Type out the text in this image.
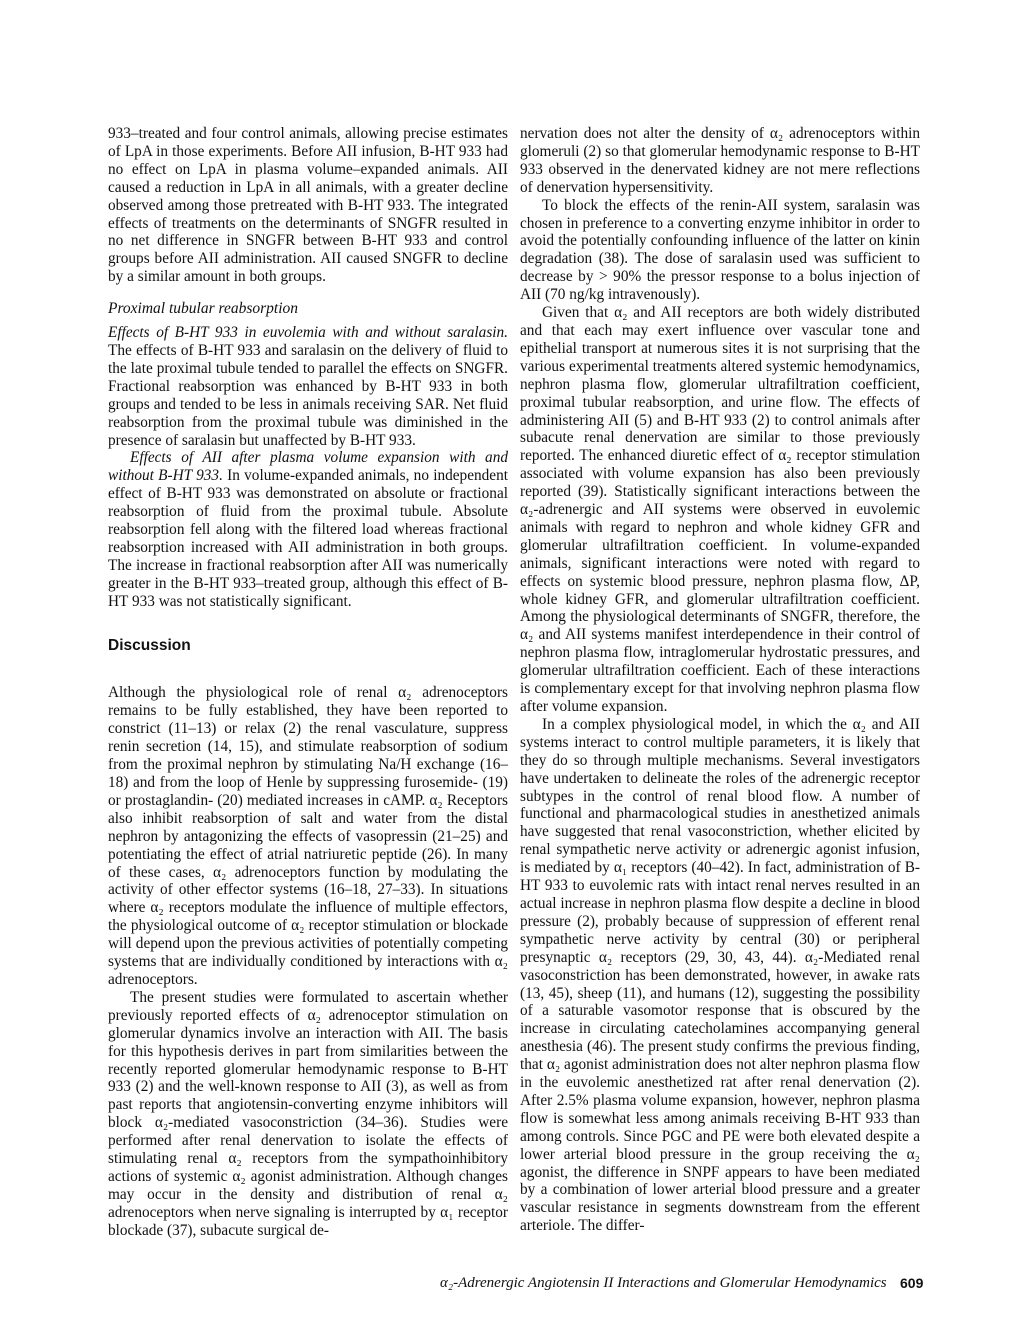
933–treated and four control animals, allowing precise estimates of LpA in those experiments. Before AII infusion, B-HT 933 had no effect on LpA in plasma volume–expanded animals. AII caused a reduction in LpA in all animals, with a greater decline observed among those pretreated with B-HT 933. The integrated effects of treatments on the determinants of SNGFR resulted in no net difference in SNGFR between B-HT 933 and control groups before AII administration. AII caused SNGFR to decline by a similar amount in both groups.

Proximal tubular reabsorption

Effects of B-HT 933 in euvolemia with and without saralasin. The effects of B-HT 933 and saralasin on the delivery of fluid to the late proximal tubule tended to parallel the effects on SNGFR. Fractional reabsorption was enhanced by B-HT 933 in both groups and tended to be less in animals receiving SAR. Net fluid reabsorption from the proximal tubule was diminished in the presence of saralasin but unaffected by B-HT 933.

Effects of AII after plasma volume expansion with and without B-HT 933. In volume-expanded animals, no independent effect of B-HT 933 was demonstrated on absolute or fractional reabsorption of fluid from the proximal tubule. Absolute reabsorption fell along with the filtered load whereas fractional reabsorption increased with AII administration in both groups. The increase in fractional reabsorption after AII was numerically greater in the B-HT 933–treated group, although this effect of B-HT 933 was not statistically significant.

Discussion

Although the physiological role of renal α₂ adrenoceptors remains to be fully established, they have been reported to constrict (11–13) or relax (2) the renal vasculature, suppress renin secretion (14, 15), and stimulate reabsorption of sodium from the proximal nephron by stimulating Na/H exchange (16–18) and from the loop of Henle by suppressing furosemide- (19) or prostaglandin- (20) mediated increases in cAMP. α₂ Receptors also inhibit reabsorption of salt and water from the distal nephron by antagonizing the effects of vasopressin (21–25) and potentiating the effect of atrial natriuretic peptide (26). In many of these cases, α₂ adrenoceptors function by modulating the activity of other effector systems (16–18, 27–33). In situations where α₂ receptors modulate the influence of multiple effectors, the physiological outcome of α₂ receptor stimulation or blockade will depend upon the previous activities of potentially competing systems that are individually conditioned by interactions with α₂ adrenoceptors.

The present studies were formulated to ascertain whether previously reported effects of α₂ adrenoceptor stimulation on glomerular dynamics involve an interaction with AII. The basis for this hypothesis derives in part from similarities between the recently reported glomerular hemodynamic response to B-HT 933 (2) and the well-known response to AII (3), as well as from past reports that angiotensin-converting enzyme inhibitors will block α₂-mediated vasoconstriction (34–36). Studies were performed after renal denervation to isolate the effects of stimulating renal α₂ receptors from the sympathoinhibitory actions of systemic α₂ agonist administration. Although changes may occur in the density and distribution of renal α₂ adrenoceptors when nerve signaling is interrupted by α₁ receptor blockade (37), subacute surgical de-

nervation does not alter the density of α₂ adrenoceptors within glomeruli (2) so that glomerular hemodynamic response to B-HT 933 observed in the denervated kidney are not mere reflections of denervation hypersensitivity.

To block the effects of the renin-AII system, saralasin was chosen in preference to a converting enzyme inhibitor in order to avoid the potentially confounding influence of the latter on kinin degradation (38). The dose of saralasin used was sufficient to decrease by > 90% the pressor response to a bolus injection of AII (70 ng/kg intravenously).

Given that α₂ and AII receptors are both widely distributed and that each may exert influence over vascular tone and epithelial transport at numerous sites it is not surprising that the various experimental treatments altered systemic hemodynamics, nephron plasma flow, glomerular ultrafiltration coefficient, proximal tubular reabsorption, and urine flow. The effects of administering AII (5) and B-HT 933 (2) to control animals after subacute renal denervation are similar to those previously reported. The enhanced diuretic effect of α₂ receptor stimulation associated with volume expansion has also been previously reported (39). Statistically significant interactions between the α₂-adrenergic and AII systems were observed in euvolemic animals with regard to nephron and whole kidney GFR and glomerular ultrafiltration coefficient. In volume-expanded animals, significant interactions were noted with regard to effects on systemic blood pressure, nephron plasma flow, ΔP, whole kidney GFR, and glomerular ultrafiltration coefficient. Among the physiological determinants of SNGFR, therefore, the α₂ and AII systems manifest interdependence in their control of nephron plasma flow, intraglomerular hydrostatic pressures, and glomerular ultrafiltration coefficient. Each of these interactions is complementary except for that involving nephron plasma flow after volume expansion.

In a complex physiological model, in which the α₂ and AII systems interact to control multiple parameters, it is likely that they do so through multiple mechanisms. Several investigators have undertaken to delineate the roles of the adrenergic receptor subtypes in the control of renal blood flow. A number of functional and pharmacological studies in anesthetized animals have suggested that renal vasoconstriction, whether elicited by renal sympathetic nerve activity or adrenergic agonist infusion, is mediated by α₁ receptors (40–42). In fact, administration of B-HT 933 to euvolemic rats with intact renal nerves resulted in an actual increase in nephron plasma flow despite a decline in blood pressure (2), probably because of suppression of efferent renal sympathetic nerve activity by central (30) or peripheral presynaptic α₂ receptors (29, 30, 43, 44). α₂-Mediated renal vasoconstriction has been demonstrated, however, in awake rats (13, 45), sheep (11), and humans (12), suggesting the possibility of a saturable vasomotor response that is obscured by the increase in circulating catecholamines accompanying general anesthesia (46). The present study confirms the previous finding, that α₂ agonist administration does not alter nephron plasma flow in the euvolemic anesthetized rat after renal denervation (2). After 2.5% plasma volume expansion, however, nephron plasma flow is somewhat less among animals receiving B-HT 933 than among controls. Since PGC and PE were both elevated despite a lower arterial blood pressure in the group receiving the α₂ agonist, the difference in SNPF appears to have been mediated by a combination of lower arterial blood pressure and a greater vascular resistance in segments downstream from the efferent arteriole. The differ-

α₂-Adrenergic Angiotensin II Interactions and Glomerular Hemodynamics 609
